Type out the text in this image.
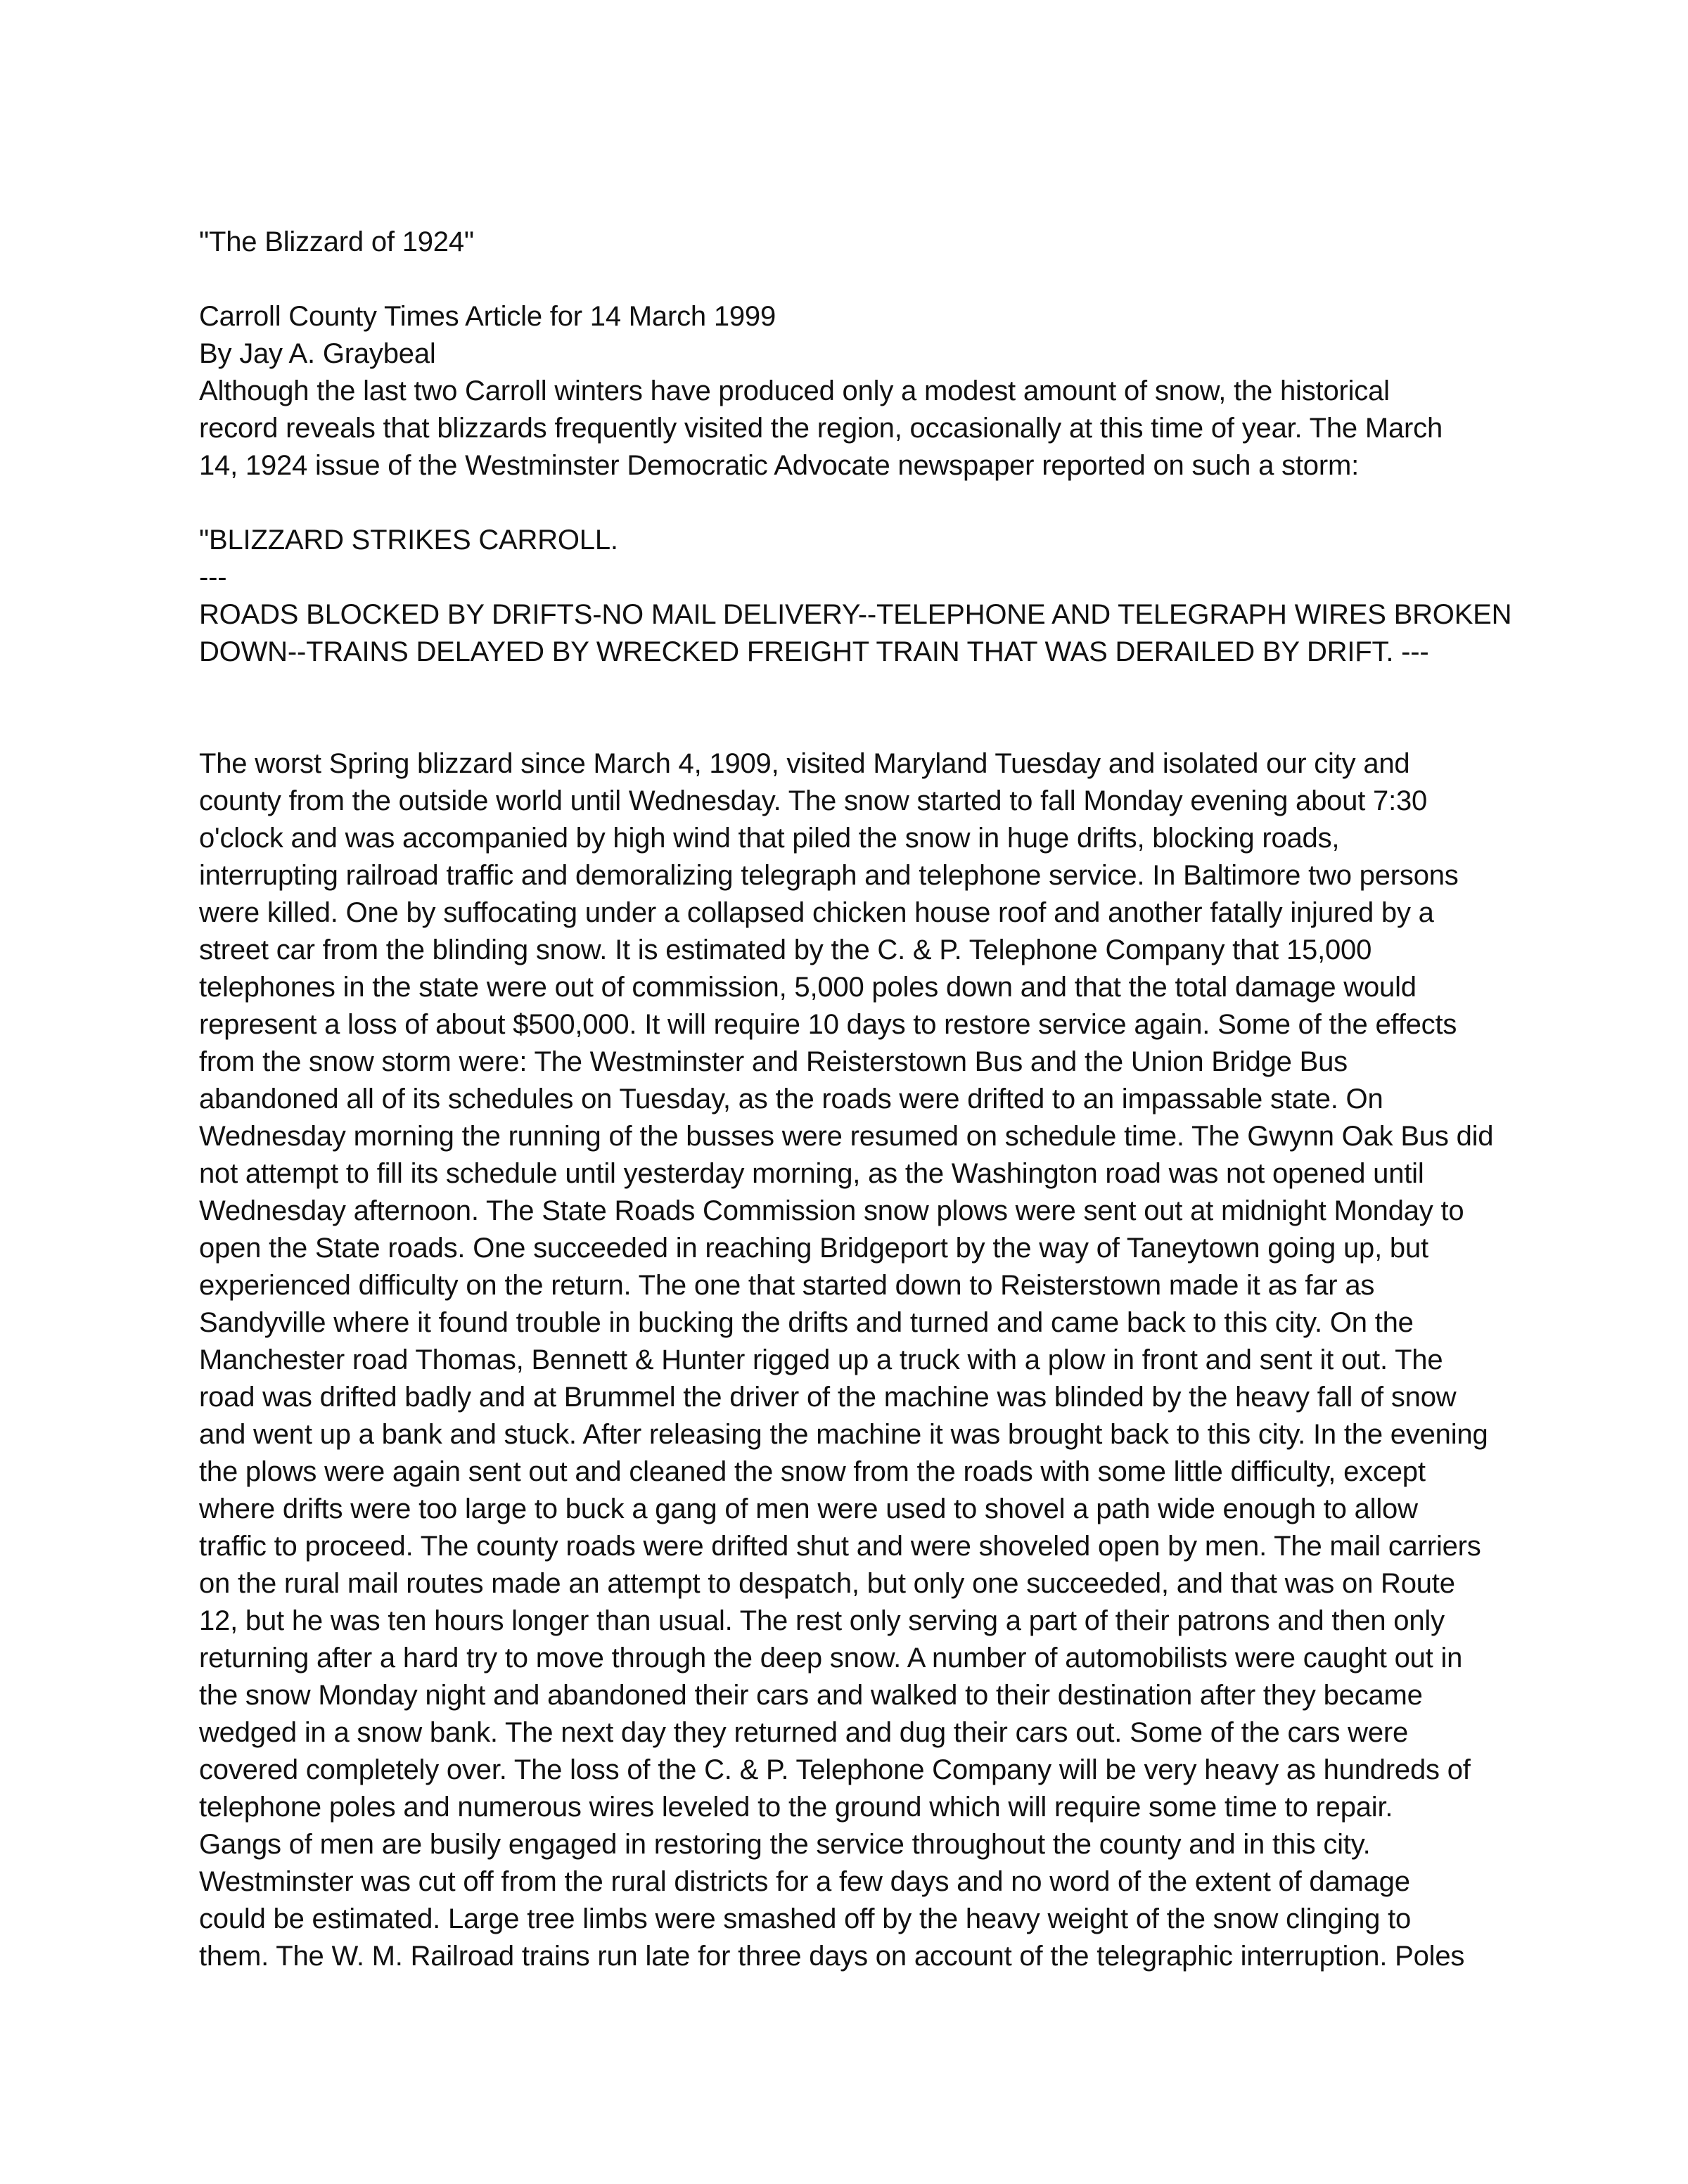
"The Blizzard of 1924"
Carroll County Times Article for 14 March 1999
By Jay A. Graybeal
Although the last two Carroll winters have produced only a modest amount of snow, the historical
record reveals that blizzards frequently visited the region, occasionally at this time of year. The March
14, 1924 issue of the Westminster Democratic Advocate newspaper reported on such a storm:
"BLIZZARD STRIKES CARROLL.
---
ROADS BLOCKED BY DRIFTS-NO MAIL DELIVERY--TELEPHONE AND TELEGRAPH WIRES BROKEN
DOWN--TRAINS DELAYED BY WRECKED FREIGHT TRAIN THAT WAS DERAILED BY DRIFT. ---
The worst Spring blizzard since March 4, 1909, visited Maryland Tuesday and isolated our city and
county from the outside world until Wednesday. The snow started to fall Monday evening about 7:30
o'clock and was accompanied by high wind that piled the snow in huge drifts, blocking roads,
interrupting railroad traffic and demoralizing telegraph and telephone service. In Baltimore two persons
were killed. One by suffocating under a collapsed chicken house roof and another fatally injured by a
street car from the blinding snow. It is estimated by the C. & P. Telephone Company that 15,000
telephones in the state were out of commission, 5,000 poles down and that the total damage would
represent a loss of about $500,000. It will require 10 days to restore service again. Some of the effects
from the snow storm were: The Westminster and Reisterstown Bus and the Union Bridge Bus
abandoned all of its schedules on Tuesday, as the roads were drifted to an impassable state. On
Wednesday morning the running of the busses were resumed on schedule time. The Gwynn Oak Bus did
not attempt to fill its schedule until yesterday morning, as the Washington road was not opened until
Wednesday afternoon. The State Roads Commission snow plows were sent out at midnight Monday to
open the State roads. One succeeded in reaching Bridgeport by the way of Taneytown going up, but
experienced difficulty on the return. The one that started down to Reisterstown made it as far as
Sandyville where it found trouble in bucking the drifts and turned and came back to this city. On the
Manchester road Thomas, Bennett & Hunter rigged up a truck with a plow in front and sent it out. The
road was drifted badly and at Brummel the driver of the machine was blinded by the heavy fall of snow
and went up a bank and stuck. After releasing the machine it was brought back to this city. In the evening
the plows were again sent out and cleaned the snow from the roads with some little difficulty, except
where drifts were too large to buck a gang of men were used to shovel a path wide enough to allow
traffic to proceed. The county roads were drifted shut and were shoveled open by men. The mail carriers
on the rural mail routes made an attempt to despatch, but only one succeeded, and that was on Route
12, but he was ten hours longer than usual. The rest only serving a part of their patrons and then only
returning after a hard try to move through the deep snow. A number of automobilists were caught out in
the snow Monday night and abandoned their cars and walked to their destination after they became
wedged in a snow bank. The next day they returned and dug their cars out. Some of the cars were
covered completely over. The loss of the C. & P. Telephone Company will be very heavy as hundreds of
telephone poles and numerous wires leveled to the ground which will require some time to repair.
Gangs of men are busily engaged in restoring the service throughout the county and in this city.
Westminster was cut off from the rural districts for a few days and no word of the extent of damage
could be estimated. Large tree limbs were smashed off by the heavy weight of the snow clinging to
them. The W. M. Railroad trains run late for three days on account of the telegraphic interruption. Poles
